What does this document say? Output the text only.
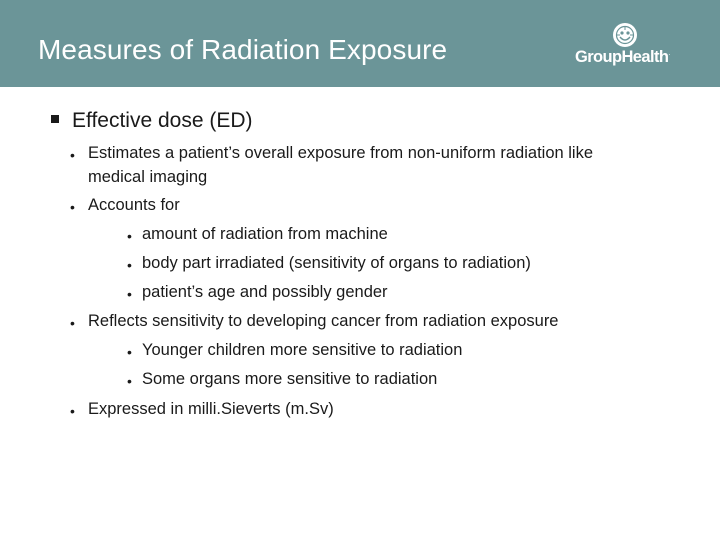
Measures of Radiation Exposure	GroupHealth.
Effective dose (ED)
• Estimates a patient’s overall exposure from non-uniform radiation like
medical imaging
• Accounts for
• amount of radiation from machine
• body part irradiated (sensitivity of organs to radiation)
• patient’s age and possibly gender
• Reflects sensitivity to developing cancer from radiation exposure
• Younger children more sensitive to radiation
• Some organs more sensitive to radiation
• Expressed in milli.Sieverts (m.Sv)
